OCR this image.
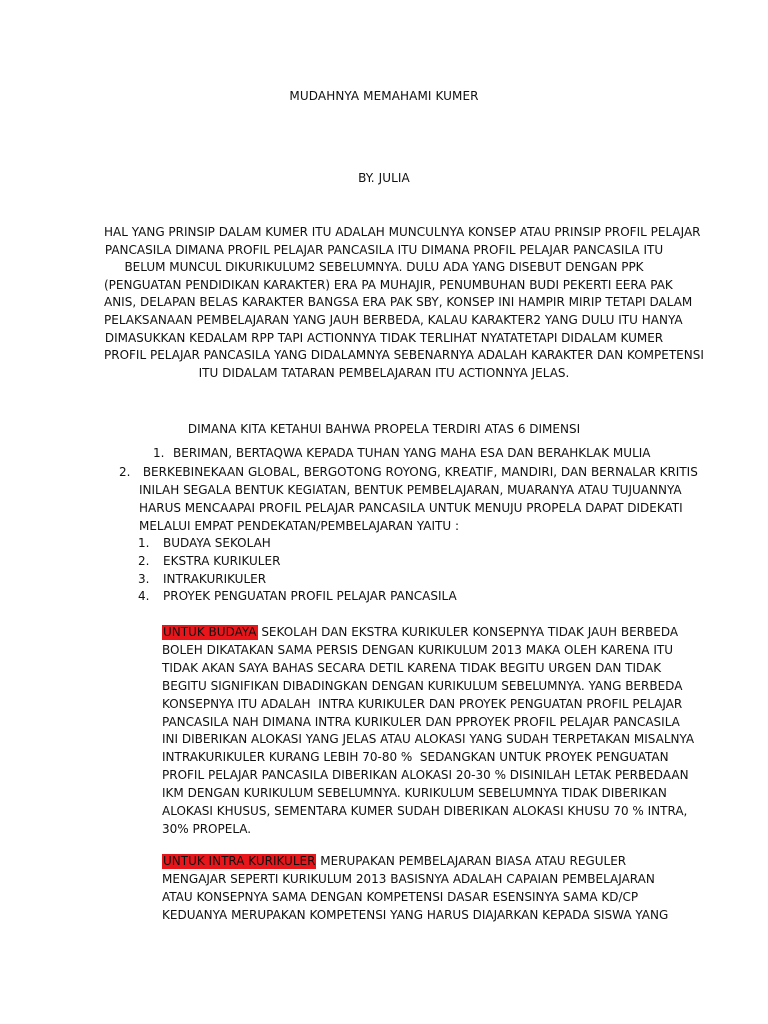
MUDAHNYA MEMAHAMI KUMER
BY. JULIA
HAL YANG PRINSIP DALAM KUMER ITU ADALAH MUNCULNYA KONSEP ATAU PRINSIP PROFIL PELAJAR
PANCASILA DIMANA PROFIL PELAJAR PANCASILA ITU DIMANA PROFIL PELAJAR PANCASILA ITU
BELUM MUNCUL DIKURIKULUM2 SEBELUMNYA. DULU ADA YANG DISEBUT DENGAN PPK
(PENGUATAN PENDIDIKAN KARAKTER) ERA PA MUHAJIR, PENUMBUHAN BUDI PEKERTI EERA PAK
ANIS, DELAPAN BELAS KARAKTER BANGSA ERA PAK SBY, KONSEP INI HAMPIR MIRIP TETAPI DALAM
PELAKSANAAN PEMBELAJARAN YANG JAUH BERBEDA, KALAU KARAKTER2 YANG DULU ITU HANYA
DIMASUKKAN KEDALAM RPP TAPI ACTIONNYA TIDAK TERLIHAT NYATATETAPI DIDALAM KUMER
PROFIL PELAJAR PANCASILA YANG DIDALAMNYA SEBENARNYA ADALAH KARAKTER DAN KOMPETENSI
ITU DIDALAM TATARAN PEMBELAJARAN ITU ACTIONNYA JELAS.
DIMANA KITA KETAHUI BAHWA PROPELA TERDIRI ATAS 6 DIMENSI
1. BERIMAN, BERTAQWA KEPADA TUHAN YANG MAHA ESA DAN BERAHKLAK MULIA
2. BERKEBINEKAAN GLOBAL, BERGOTONG ROYONG, KREATIF, MANDIRI, DAN BERNALAR KRITIS
INILAH SEGALA BENTUK KEGIATAN, BENTUK PEMBELAJARAN, MUARANYA ATAU TUJUANNYA
HARUS MENCAAPAI PROFIL PELAJAR PANCASILA UNTUK MENUJU PROPELA DAPAT DIDEKATI
MELALUI EMPAT PENDEKATAN/PEMBELAJARAN YAITU :
1. BUDAYA SEKOLAH
2. EKSTRA KURIKULER
3. INTRAKURIKULER
4. PROYEK PENGUATAN PROFIL PELAJAR PANCASILA
UNTUK BUDAYA SEKOLAH DAN EKSTRA KURIKULER KONSEPNYA TIDAK JAUH BERBEDA
BOLEH DIKATAKAN SAMA PERSIS DENGAN KURIKULUM 2013 MAKA OLEH KARENA ITU
TIDAK AKAN SAYA BAHAS SECARA DETIL KARENA TIDAK BEGITU URGEN DAN TIDAK
BEGITU SIGNIFIKAN DIBADINGKAN DENGAN KURIKULUM SEBELUMNYA. YANG BERBEDA
KONSEPNYA ITU ADALAH  INTRA KURIKULER DAN PROYEK PENGUATAN PROFIL PELAJAR
PANCASILA NAH DIMANA INTRA KURIKULER DAN PPROYEK PROFIL PELAJAR PANCASILA
INI DIBERIKAN ALOKASI YANG JELAS ATAU ALOKASI YANG SUDAH TERPETAKAN MISALNYA
INTRAKURIKULER KURANG LEBIH 70-80 %  SEDANGKAN UNTUK PROYEK PENGUATAN
PROFIL PELAJAR PANCASILA DIBERIKAN ALOKASI 20-30 % DISINILAH LETAK PERBEDAAN
IKM DENGAN KURIKULUM SEBELUMNYA. KURIKULUM SEBELUMNYA TIDAK DIBERIKAN
ALOKASI KHUSUS, SEMENTARA KUMER SUDAH DIBERIKAN ALOKASI KHUSU 70 % INTRA,
30% PROPELA.
UNTUK INTRA KURIKULER MERUPAKAN PEMBELAJARAN BIASA ATAU REGULER
MENGAJAR SEPERTI KURIKULUM 2013 BASISNYA ADALAH CAPAIAN PEMBELAJARAN
ATAU KONSEPNYA SAMA DENGAN KOMPETENSI DASAR ESENSINYA SAMA KD/CP
KEDUANYA MERUPAKAN KOMPETENSI YANG HARUS DIAJARKAN KEPADA SISWA YANG
